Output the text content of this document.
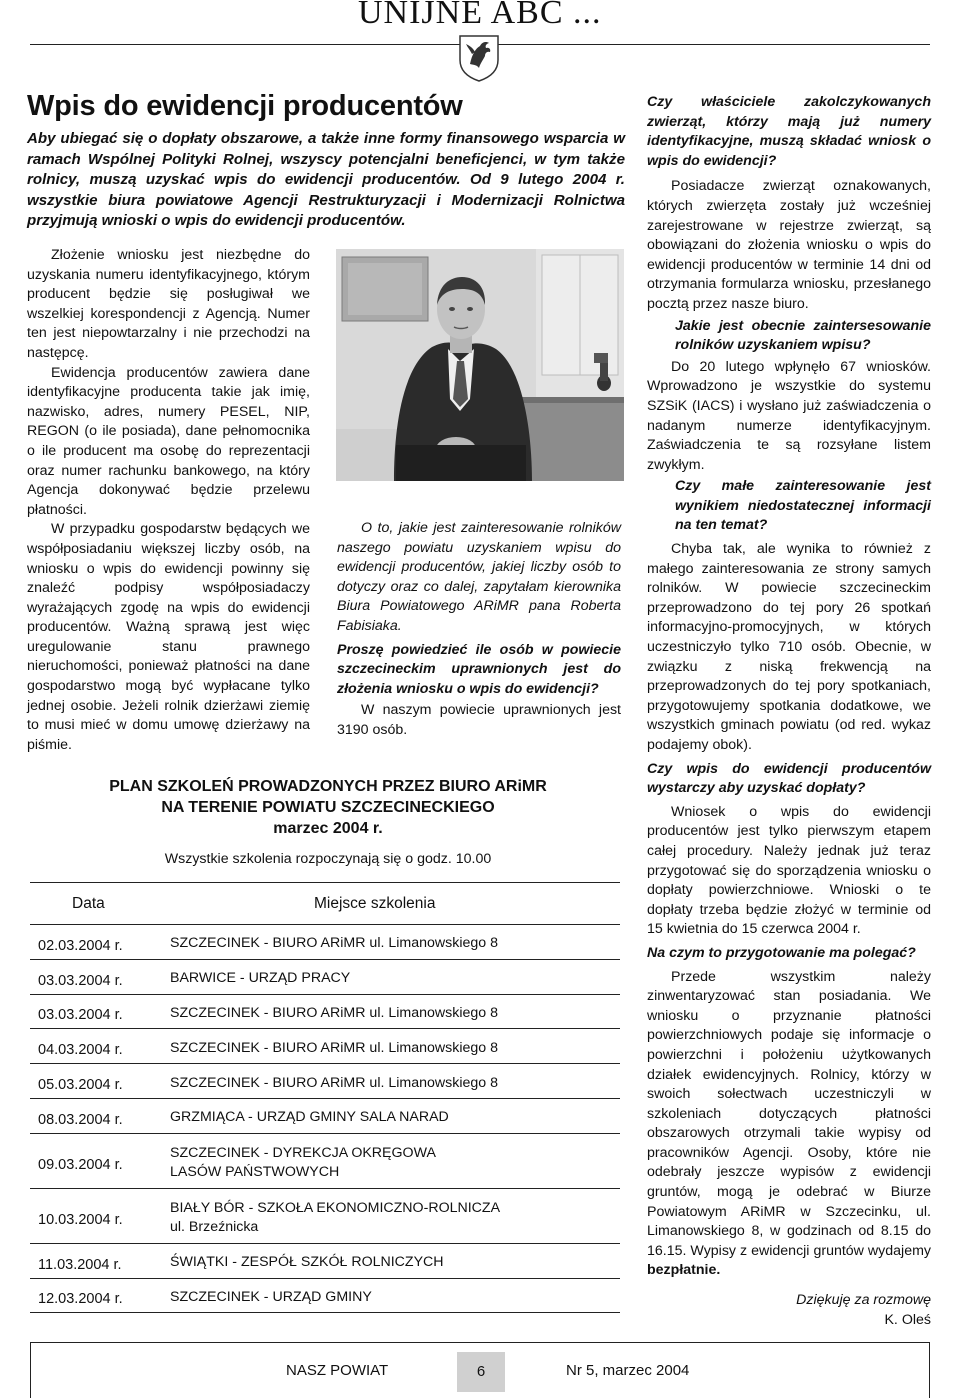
UNIJNE ABC ...
Wpis do ewidencji producentów
Aby ubiegać się o dopłaty obszarowe, a także inne formy finansowego wsparcia w ramach Wspólnej Polityki Rolnej, wszyscy potencjalni beneficjenci, w tym także rolnicy, muszą uzyskać wpis do ewidencji producentów. Od 9 lutego 2004 r. wszystkie biura powiatowe Agencji Restrukturyzacji i Modernizacji Rolnictwa przyjmują wnioski o wpis do ewidencji producentów.

Złożenie wniosku jest niezbędne do uzyskania numeru identyfikacyjnego, którym producent będzie się posługiwał we wszelkiej korespondencji z Agencją. Numer ten jest niepowtarzalny i nie przechodzi na następcę.

Ewidencja producentów zawiera dane identyfikacyjne producenta takie jak imię, nazwisko, adres, numery PESEL, NIP, REGON (o ile posiada), dane pełnomocnika o ile producent ma osobę do reprezentacji oraz numer rachunku bankowego, na który Agencja dokonywać będzie przelewu płatności.

W przypadku gospodarstw będących we współposiadaniu większej liczby osób, na wniosku o wpis do ewidencji powinny się znaleźć podpisy współposiadaczy wyrażających zgodę na wpis do ewidencji producentów. Ważną sprawą jest więc uregulowanie stanu prawnego nieruchomości, ponieważ płatności na dane gospodarstwo mogą być wypłacane tylko jednej osobie. Jeżeli rolnik dzierżawi ziemię to musi mieć w domu umowę dzierżawy na piśmie.

O to, jakie jest zainteresowanie rolników naszego powiatu uzyskaniem wpisu do ewidencji producentów, jakiej liczby osób to dotyczy oraz co dalej, zapytałam kierownika Biura Powiatowego ARiMR pana Roberta Fabisiaka.

Proszę powiedzieć ile osób w powiecie szczecineckim uprawnionych jest do złożenia wniosku o wpis do ewidencji?

W naszym powiecie uprawnionych jest 3190 osób.

Czy właściciele zakolczykowanych zwierząt, którzy mają już numery identyfikacyjne, muszą składać wniosk o wpis do ewidencji?

Posiadacze zwierząt oznakowanych, których zwierzęta zostały już wcześniej zarejestrowane w rejestrze zwierząt, są obowiązani do złożenia wniosku o wpis do ewidencji producentów w terminie 14 dni od otrzymania formularza wniosku, przesłanego pocztą przez nasze biuro.

Jakie jest obecnie zaintersesowanie rolników uzyskaniem wpisu?

Do 20 lutego wpłynęło 67 wniosków. Wprowadzono je wszystkie do systemu SZSiK (IACS) i wysłano już zaświadczenia o nadanym numerze identyfikacyjnym. Zaświadczenia te są rozsyłane listem zwykłym.

Czy małe zainteresowanie jest wynikiem niedostatecznej informacji na ten temat?

Chyba tak, ale wynika to również z małego zainteresowania ze strony samych rolników. W powiecie szczecineckim przeprowadzono do tej pory 26 spotkań informacyjno-promocyjnych, w których uczestniczyło tylko 710 osób. Obecnie, w związku z niską frekwencją na przeprowadzonych do tej pory spotkaniach, przygotowujemy spotkania dodatkowe, we wszystkich gminach powiatu (od red. wykaz podajemy obok).

Czy wpis do ewidencji producentów wystarczy aby uzyskać dopłaty?

Wniosek o wpis do ewidencji producentów jest tylko pierwszym etapem całej procedury. Należy jednak już teraz przygotować się do sporządzenia wniosku o dopłaty powierzchniowe. Wnioski o te dopłaty trzeba będzie złożyć w terminie od 15 kwietnia do 15 czerwca 2004 r.

Na czym to przygotowanie ma polegać?

Przede wszystkim należy zinwentaryzować stan posiadania. We wniosku o przyznanie płatności powierzchniowych podaje się informacje o powierzchni i położeniu użytkowanych działek ewidencyjnych. Rolnicy, którzy w swoich sołectwach uczestniczyli w szkoleniach dotyczących płatności obszarowych otrzymali takie wypisy od pracowników Agencji. Osoby, które nie odebrały jeszcze wypisów z ewidencji gruntów, mogą je odebrać w Biurze Powiatowym ARiMR w Szczecinku, ul. Limanowskiego 8, w godzinach od 8.15 do 16.15. Wypisy z ewidencji gruntów wydajemy bezpłatnie.

Dziękuję za rozmowę

K. Oleś

PLAN SZKOLEŃ PROWADZONYCH PRZEZ BIURO ARiMR
NA TERENIE POWIATU SZCZECINECKIEGO
marzec 2004 r.
Wszystkie szkolenia rozpoczynają się o godz. 10.00
Data	Miejsce szkolenia
02.03.2004 r.	SZCZECINEK - BIURO ARiMR ul. Limanowskiego 8

03.03.2004 r.	BARWICE - URZĄD PRACY

03.03.2004 r.	SZCZECINEK - BIURO ARiMR ul. Limanowskiego 8

04.03.2004 r.	SZCZECINEK - BIURO ARiMR ul. Limanowskiego 8

05.03.2004 r.	SZCZECINEK - BIURO ARiMR ul. Limanowskiego 8

08.03.2004 r.	GRZMIĄCA - URZĄD GMINY SALA NARAD

09.03.2004 r.	SZCZECINEK - DYREKCJA OKRĘGOWA
LASÓW PAŃSTWOWYCH

10.03.2004 r.	BIAŁY BÓR - SZKOŁA EKONOMICZNO-ROLNICZA
ul. Brzeźnicka

11.03.2004 r.	ŚWIĄTKI - ZESPÓŁ SZKÓŁ ROLNICZYCH

12.03.2004 r.	SZCZECINEK - URZĄD GMINY
NASZ POWIAT	6	Nr 5, marzec 2004
